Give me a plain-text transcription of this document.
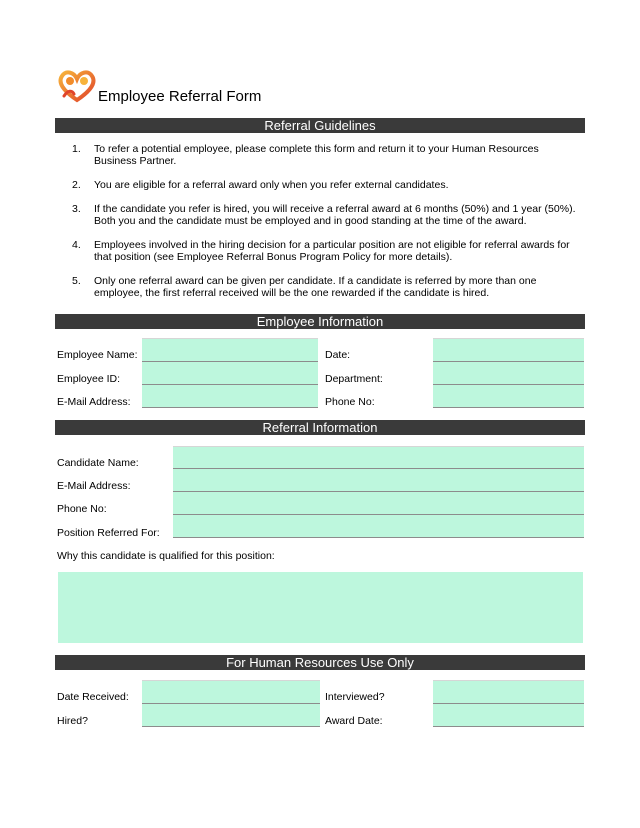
Employee Referral Form
Referral Guidelines
1.	To refer a potential employee, please complete this form and return it to your Human Resources Business Partner.
2.	You are eligible for a referral award only when you refer external candidates.
3.	If the candidate you refer is hired, you will receive a referral award at 6 months (50%) and 1 year (50%). Both you and the candidate must be employed and in good standing at the time of the award.
4.	Employees involved in the hiring decision for a particular position are not eligible for referral awards for that position (see Employee Referral Bonus Program Policy for more details).
5.	Only one referral award can be given per candidate. If a candidate is referred by more than one employee, the first referral received will be the one rewarded if the candidate is hired.
Employee Information
Employee Name:	Date:
Employee ID:	Department:
E-Mail Address:	Phone No:
Referral Information
Candidate Name:
E-Mail Address:
Phone No:
Position Referred For:
Why this candidate is qualified for this position:
For Human Resources Use Only
Date Received:	Interviewed?
Hired?	Award Date:
